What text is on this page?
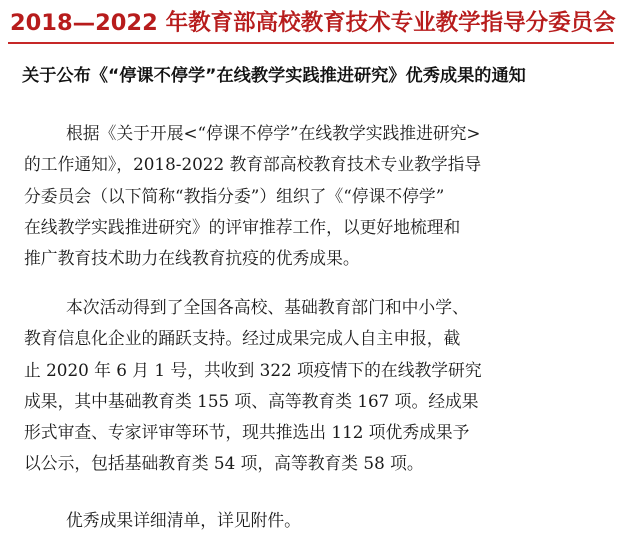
2018—2022 年教育部高校教育技术专业教学指导分委员会
关于公布《“停课不停学”在线教学实践推进研究》优秀成果的通知
根据《关于开展<“停课不停学”在线教学实践推进研究>
的工作通知》，2018-2022 教育部高校教育技术专业教学指导
分委员会（以下简称“教指分委”）组织了《“停课不停学”
在线教学实践推进研究》的评审推荐工作，以更好地梳理和
推广教育技术助力在线教育抗疫的优秀成果。
本次活动得到了全国各高校、基础教育部门和中小学、
教育信息化企业的踊跃支持。经过成果完成人自主申报，截
止 2020 年 6 月 1 号，共收到 322 项疫情下的在线教学研究
成果，其中基础教育类 155 项、高等教育类 167 项。经成果
形式审查、专家评审等环节，现共推选出 112 项优秀成果予
以公示，包括基础教育类 54 项，高等教育类 58 项。
优秀成果详细清单，详见附件。
